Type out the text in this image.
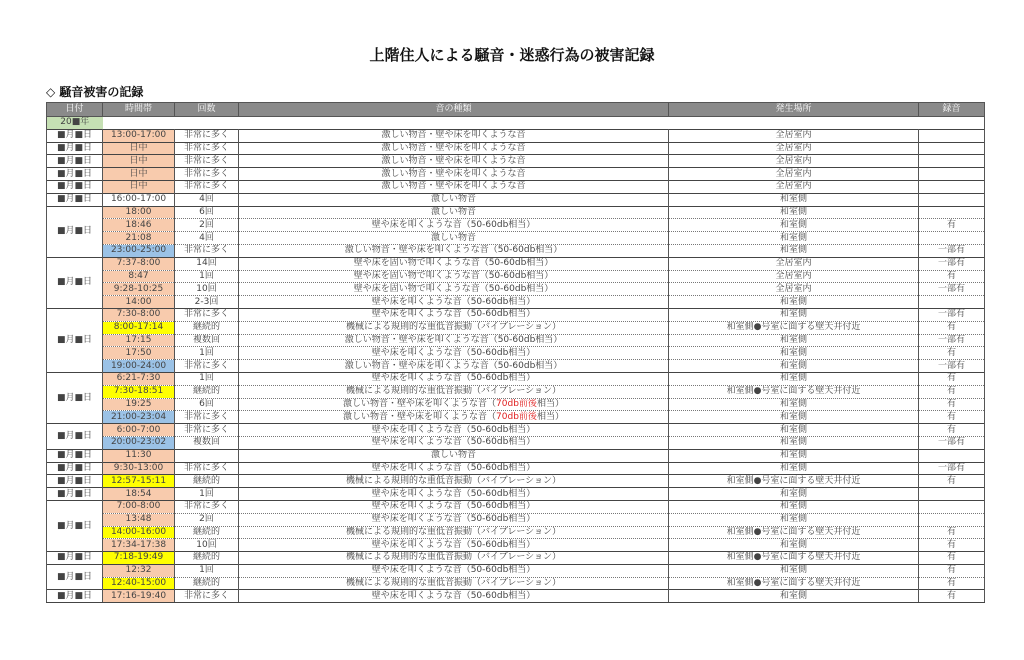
上階住人による騒音・迷惑行為の被害記録
◇ 騒音被害の記録
日付	時間帯	回数	音の種類	発生場所	録音
20■年					
■月■日	13:00-17:00	非常に多く	激しい物音・壁や床を叩くような音	全居室内	
■月■日	日中	非常に多く	激しい物音・壁や床を叩くような音	全居室内	
■月■日	日中	非常に多く	激しい物音・壁や床を叩くような音	全居室内	
■月■日	日中	非常に多く	激しい物音・壁や床を叩くような音	全居室内	
■月■日	日中	非常に多く	激しい物音・壁や床を叩くような音	全居室内	
■月■日	16:00-17:00	4回	激しい物音	和室側	
■月■日	18:00	6回	激しい物音	和室側	
	18:46	2回	壁や床を叩くような音（50-60db相当）	和室側	有
	21:08	4回	激しい物音	和室側	
	23:00-25:00	非常に多く	激しい物音・壁や床を叩くような音（50-60db相当）	和室側	一部有
■月■日	7:37-8:00	14回	壁や床を固い物で叩くような音（50-60db相当）	全居室内	一部有
	8:47	1回	壁や床を固い物で叩くような音（50-60db相当）	全居室内	有
	9:28-10:25	10回	壁や床を固い物で叩くような音（50-60db相当）	全居室内	一部有
	14:00	2-3回	壁や床を叩くような音（50-60db相当）	和室側	
■月■日	7:30-8:00	非常に多く	壁や床を叩くような音（50-60db相当）	和室側	一部有
	8:00-17:14	継続的	機械による規則的な重低音振動（バイブレーション）	和室側●号室に面する壁天井付近	有
	17:15	複数回	激しい物音・壁や床を叩くような音（50-60db相当）	和室側	一部有
	17:50	1回	壁や床を叩くような音（50-60db相当）	和室側	有
	19:00-24:00	非常に多く	激しい物音・壁や床を叩くような音（50-60db相当）	和室側	一部有
■月■日	6:21-7:30	1回	壁や床を叩くような音（50-60db相当）	和室側	有
	7:30-18:51	継続的	機械による規則的な重低音振動（バイブレーション）	和室側●号室に面する壁天井付近	有
	19:25	6回	激しい物音・壁や床を叩くような音（70db前後相当）	和室側	有
	21:00-23:04	非常に多く	激しい物音・壁や床を叩くような音（70db前後相当）	和室側	有
■月■日	6:00-7:00	非常に多く	壁や床を叩くような音（50-60db相当）	和室側	有
	20:00-23:02	複数回	壁や床を叩くような音（50-60db相当）	和室側	一部有
■月■日	11:30		激しい物音	和室側	
■月■日	9:30-13:00	非常に多く	壁や床を叩くような音（50-60db相当）	和室側	一部有
■月■日	12:57-15:11	継続的	機械による規則的な重低音振動（バイブレーション）	和室側●号室に面する壁天井付近	有
■月■日	18:54	1回	壁や床を叩くような音（50-60db相当）	和室側	
■月■日	7:00-8:00	非常に多く	壁や床を叩くような音（50-60db相当）	和室側	
	13:48	2回	壁や床を叩くような音（50-60db相当）	和室側	
	14:00-16:00	継続的	機械による規則的な重低音振動（バイブレーション）	和室側●号室に面する壁天井付近	有
	17:34-17:38	10回	壁や床を叩くような音（50-60db相当）	和室側	有
■月■日	7:18-19:49	継続的	機械による規則的な重低音振動（バイブレーション）	和室側●号室に面する壁天井付近	有
■月■日	12:32	1回	壁や床を叩くような音（50-60db相当）	和室側	有
	12:40-15:00	継続的	機械による規則的な重低音振動（バイブレーション）	和室側●号室に面する壁天井付近	有
■月■日	17:16-19:40	非常に多く	壁や床を叩くような音（50-60db相当）	和室側	有
